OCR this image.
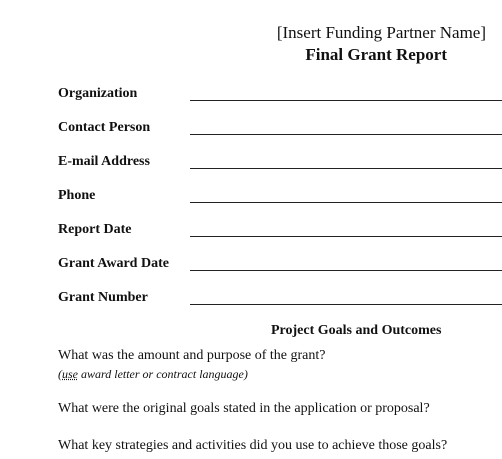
[Insert Funding Partner Name]
Final Grant Report
Organization
Contact Person
E-mail Address
Phone
Report Date
Grant Award Date
Grant Number
Project Goals and Outcomes
What was the amount and purpose of the grant?
(use award letter or contract language)
What were the original goals stated in the application or proposal?
What key strategies and activities did you use to achieve those goals?
